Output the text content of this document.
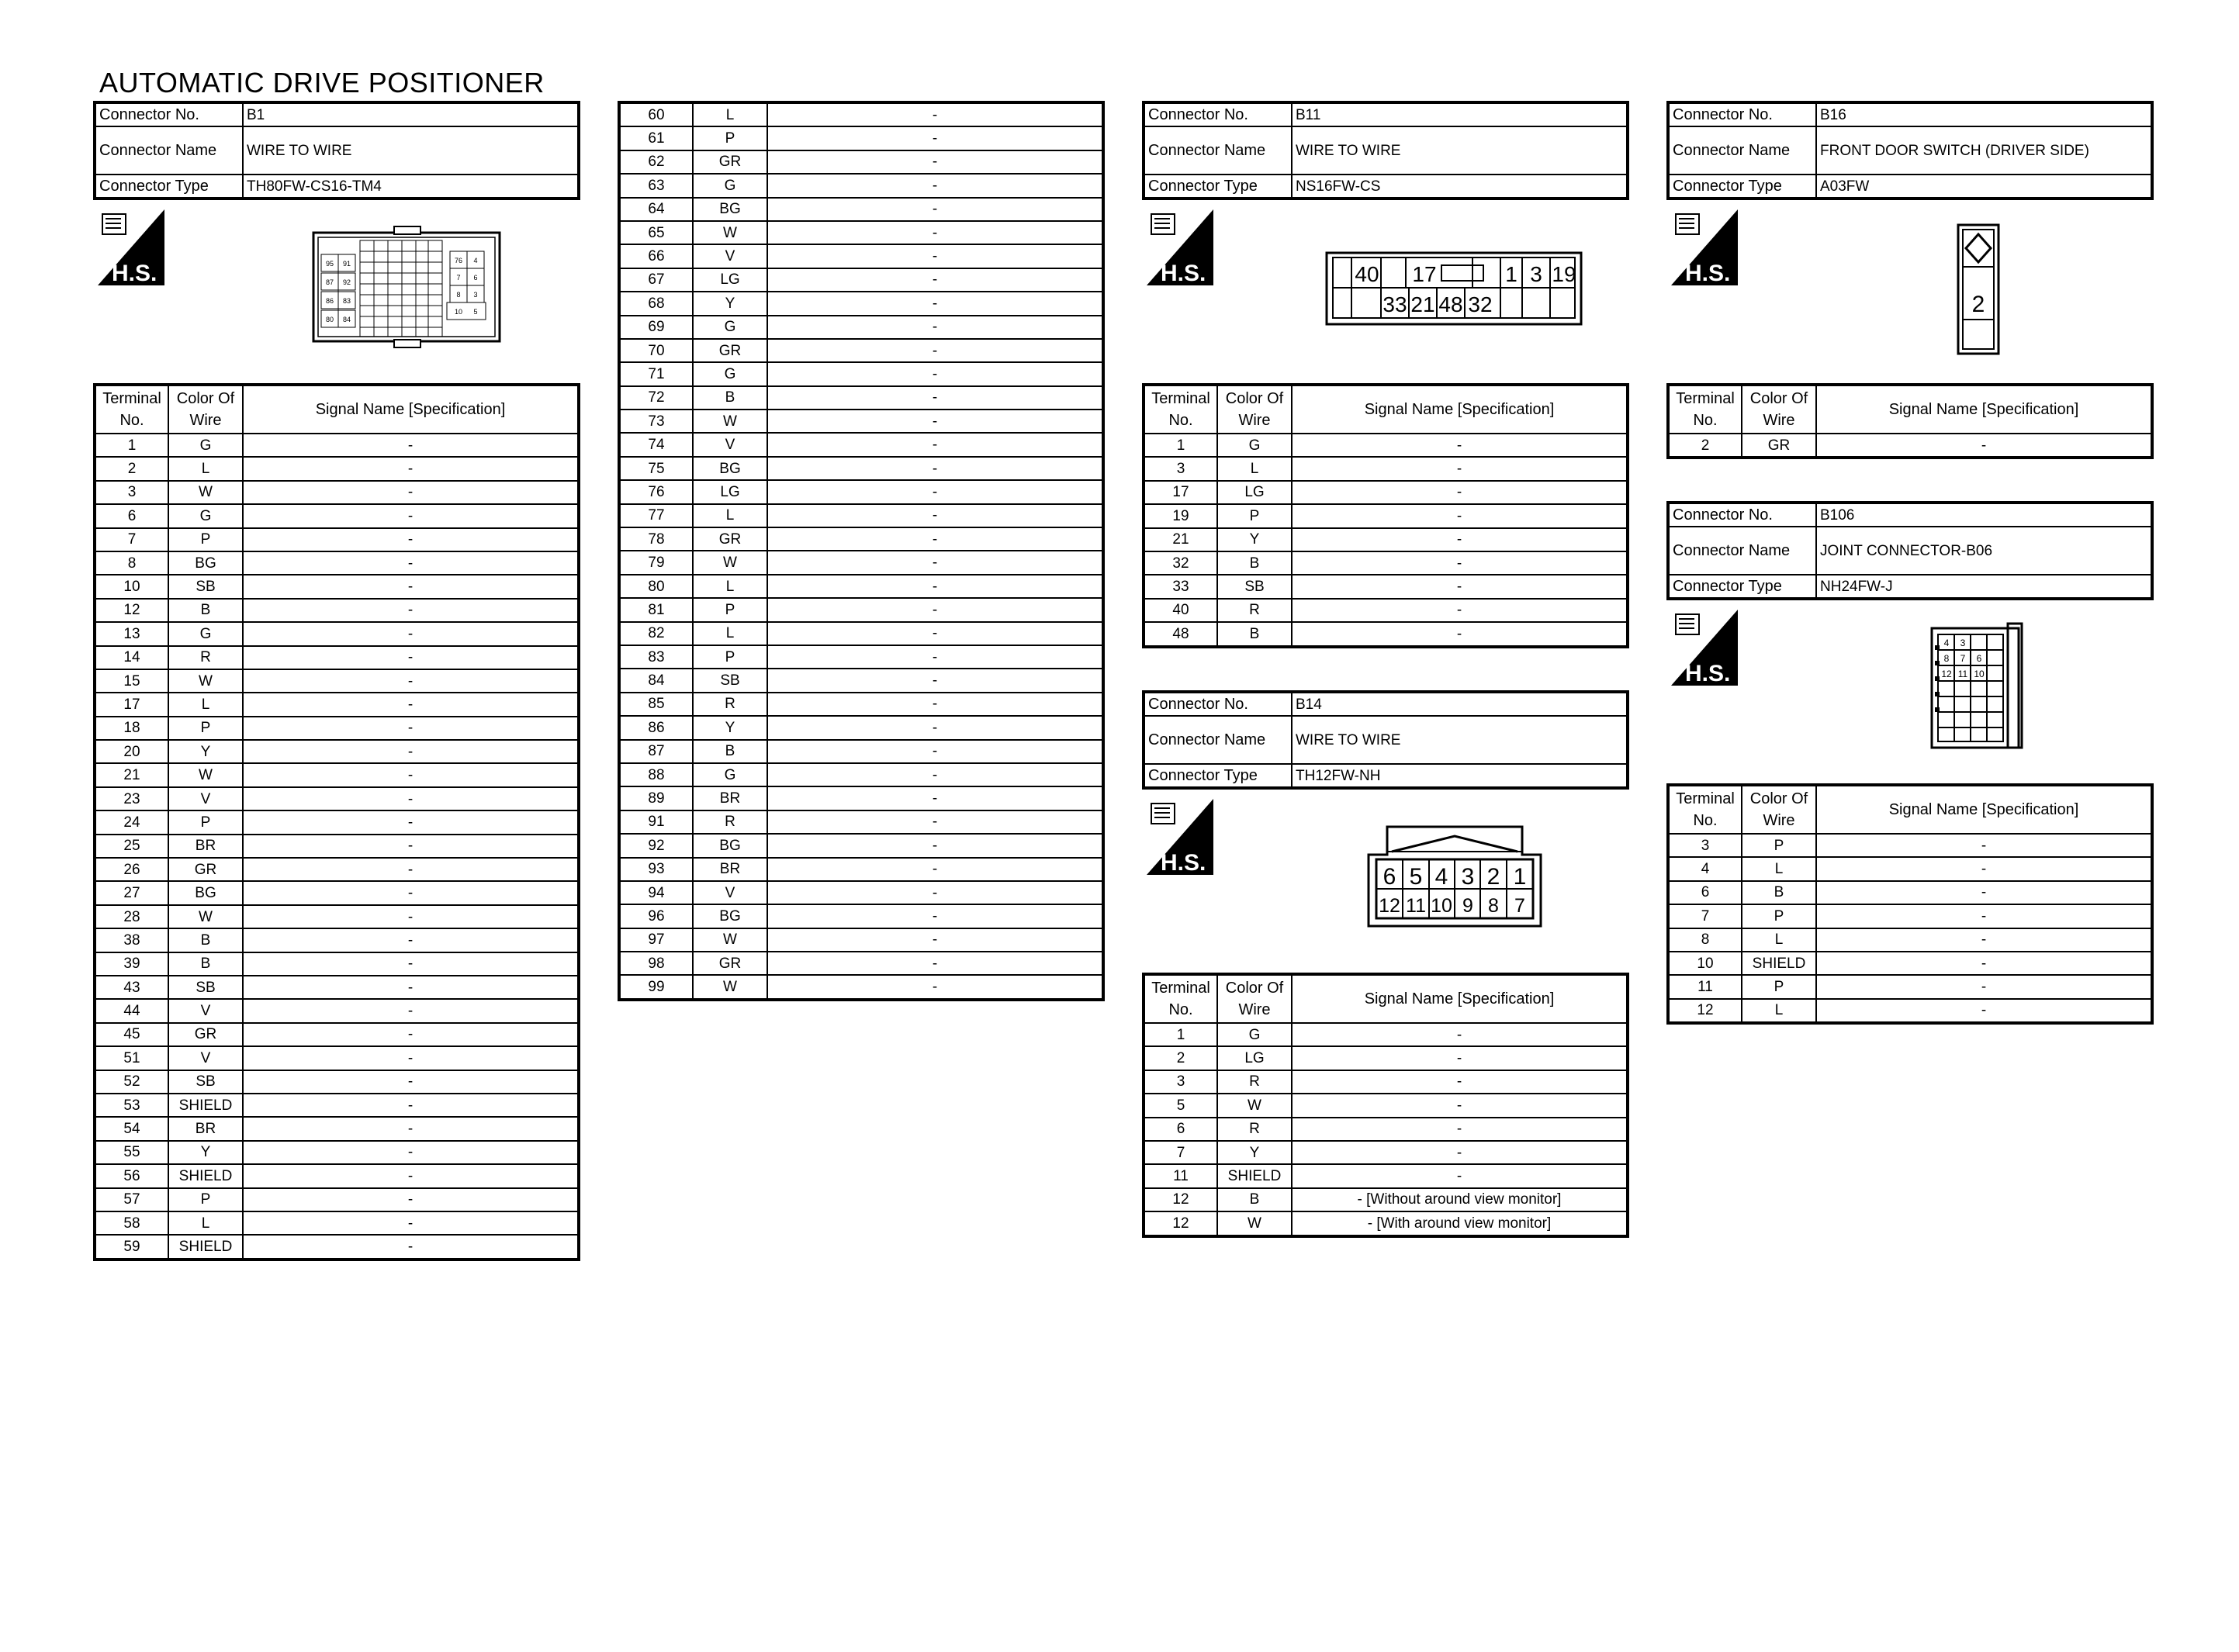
AUTOMATIC DRIVE POSITIONER
Connector No.	B1
Connector Name	WIRE TO WIRE
Connector Type	TH80FW-CS16-TM4
H.S.	95 91
87 92
86 83
80 84
76 4
7 6
8 3
10 5
Terminal
No.	Color Of
Wire	Signal Name [Specification]
1	G	-
2	L	-
3	W	-
6	G	-
7	P	-
8	BG	-
10	SB	-
12	B	-
13	G	-
14	R	-
15	W	-
17	L	-
18	P	-
20	Y	-
21	W	-
23	V	-
24	P	-
25	BR	-
26	GR	-
27	BG	-
28	W	-
38	B	-
39	B	-
43	SB	-
44	V	-
45	GR	-
51	V	-
52	SB	-
53	SHIELD	-
54	BR	-
55	Y	-
56	SHIELD	-
57	P	-
58	L	-
59	SHIELD	-
60	L	-
61	P	-
62	GR	-
63	G	-
64	BG	-
65	W	-
66	V	-
67	LG	-
68	Y	-
69	G	-
70	GR	-
71	G	-
72	B	-
73	W	-
74	V	-
75	BG	-
76	LG	-
77	L	-
78	GR	-
79	W	-
80	L	-
81	P	-
82	L	-
83	P	-
84	SB	-
85	R	-
86	Y	-
87	B	-
88	G	-
89	BR	-
91	R	-
92	BG	-
93	BR	-
94	V	-
96	BG	-
97	W	-
98	GR	-
99	W	-
Connector No.	B11
Connector Name	WIRE TO WIRE
Connector Type	NS16FW-CS
H.S.	40 17	1 3 19
33 21 48 32
Terminal
No.	Color Of
Wire	Signal Name [Specification]
1	G	-
3	L	-
17	LG	-
19	P	-
21	Y	-
32	B	-
33	SB	-
40	R	-
48	B	-
Connector No.	B14
Connector Name	WIRE TO WIRE
Connector Type	TH12FW-NH
H.S.
6 5 4 3 2 1
12 11 10 9 8 7
Terminal
No.	Color Of
Wire	Signal Name [Specification]
1	G	-
2	LG	-
3	R	-
5	W	-
6	R	-
7	Y	-
11	SHIELD	-
12	B	- [Without around view monitor]
12	W	- [With around view monitor]
Connector No.	B16
Connector Name	FRONT DOOR SWITCH (DRIVER SIDE)
Connector Type	A03FW
H.S.
2
Terminal
No.	Color Of
Wire	Signal Name [Specification]
2	GR	-
Connector No.	B106
Connector Name	JOINT CONNECTOR-B06
Connector Type	NH24FW-J
H.S.
4 3
8 7 6
12 11 10
Terminal
No.	Color Of
Wire	Signal Name [Specification]
3	P	-
4	L	-
6	B	-
7	P	-
8	L	-
10	SHIELD	-
11	P	-
12	L	-
